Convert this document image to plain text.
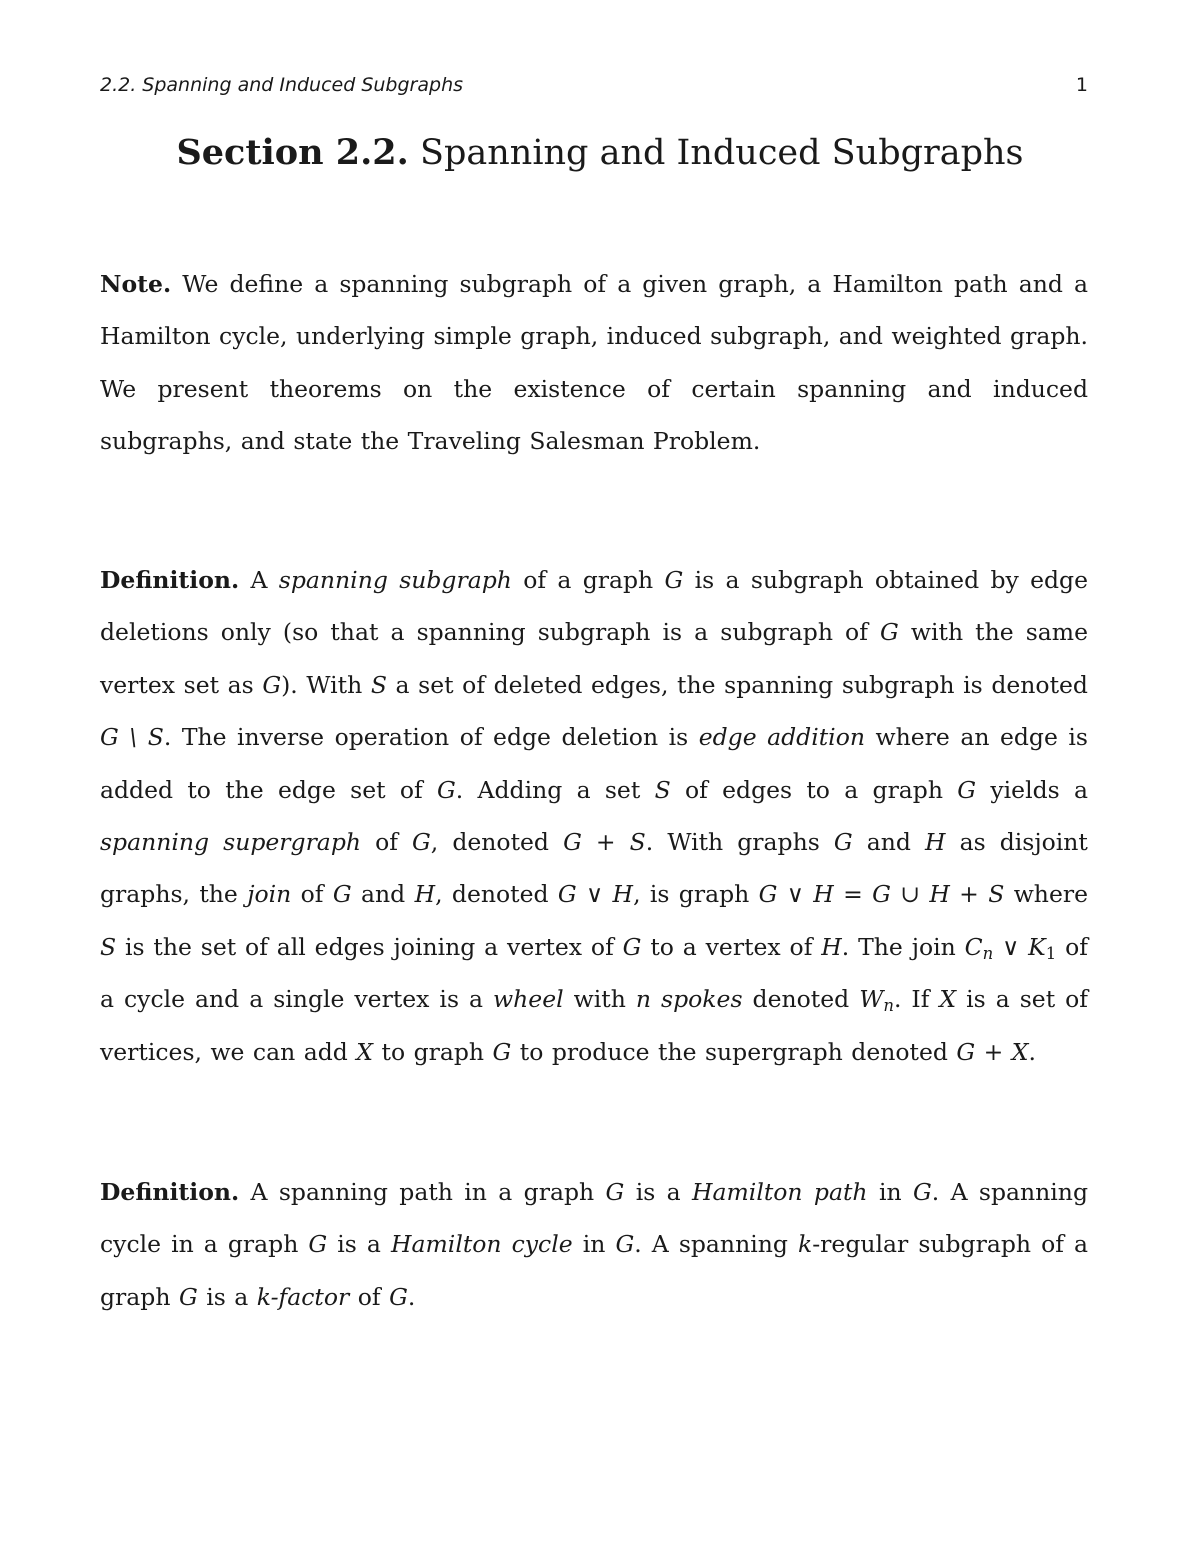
2.2. Spanning and Induced Subgraphs	1
Section 2.2. Spanning and Induced Subgraphs
Note. We define a spanning subgraph of a given graph, a Hamilton path and a Hamilton cycle, underlying simple graph, induced subgraph, and weighted graph. We present theorems on the existence of certain spanning and induced subgraphs, and state the Traveling Salesman Problem.
Definition. A spanning subgraph of a graph G is a subgraph obtained by edge deletions only (so that a spanning subgraph is a subgraph of G with the same vertex set as G). With S a set of deleted edges, the spanning subgraph is denoted G \ S. The inverse operation of edge deletion is edge addition where an edge is added to the edge set of G. Adding a set S of edges to a graph G yields a spanning supergraph of G, denoted G + S. With graphs G and H as disjoint graphs, the join of G and H, denoted G ∨ H, is graph G ∨ H = G ∪ H + S where S is the set of all edges joining a vertex of G to a vertex of H. The join $C_n$ ∨ $K_1$ of a cycle and a single vertex is a wheel with n spokes denoted $W_n$. If X is a set of vertices, we can add X to graph G to produce the supergraph denoted G + X.
Definition. A spanning path in a graph G is a Hamilton path in G. A spanning cycle in a graph G is a Hamilton cycle in G. A spanning k-regular subgraph of a graph G is a k-factor of G.
